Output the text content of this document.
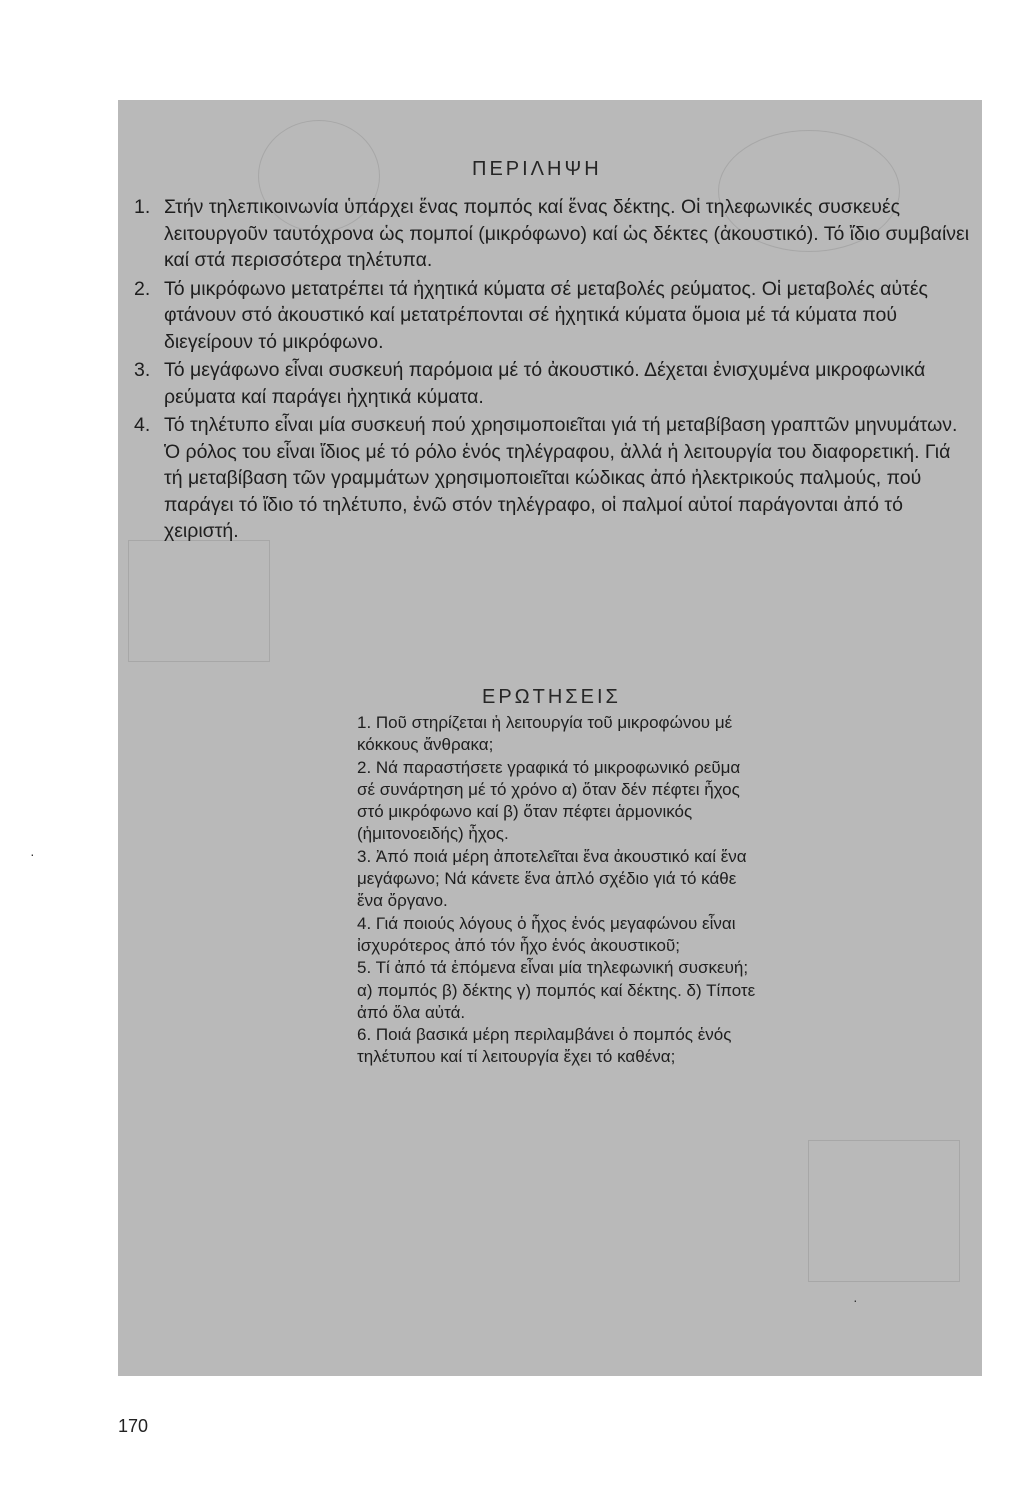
ΠΕΡΙΛΗΨΗ
1. Στήν τηλεπικοινωνία ὑπάρχει ἕνας πομπός καί ἕνας δέκτης. Οἱ τηλεφωνικές συσκευές λειτουργοῦν ταυτόχρονα ὡς πομποί (μικρόφωνο) καί ὡς δέκτες (ἀκουστικό). Τό ἴδιο συμβαίνει καί στά περισσότερα τηλέτυπα.
2. Τό μικρόφωνο μετατρέπει τά ἠχητικά κύματα σέ μεταβολές ρεύματος. Οἱ μεταβολές αὐτές φτάνουν στό ἀκουστικό καί μετατρέπονται σέ ἠχητικά κύματα ὅμοια μέ τά κύματα πού διεγείρουν τό μικρόφωνο.
3. Τό μεγάφωνο εἶναι συσκευή παρόμοια μέ τό ἀκουστικό. Δέχεται ἐνισχυμένα μικροφωνικά ρεύματα καί παράγει ἠχητικά κύματα.
4. Τό τηλέτυπο εἶναι μία συσκευή πού χρησιμοποιεῖται γιά τή μεταβίβαση γραπτῶν μηνυμάτων. Ὁ ρόλος του εἶναι ἴδιος μέ τό ρόλο ἑνός τηλέγραφου, ἀλλά ἡ λειτουργία του διαφορετική. Γιά τή μεταβίβαση τῶν γραμμάτων χρησιμοποιεῖται κώδικας ἀπό ἠλεκτρικούς παλμούς, πού παράγει τό ἴδιο τό τηλέτυπο, ἐνῶ στόν τηλέγραφο, οἱ παλμοί αὐτοί παράγονται ἀπό τό χειριστή.
ΕΡΩΤΗΣΕΙΣ
1. Ποῦ στηρίζεται ἡ λειτουργία τοῦ μικροφώνου μέ κόκκους ἄνθρακα;
2. Νά παραστήσετε γραφικά τό μικροφωνικό ρεῦμα σέ συνάρτηση μέ τό χρόνο α) ὅταν δέν πέφτει ἦχος στό μικρόφωνο καί β) ὅταν πέφτει ἁρμονικός (ἡμιτονοειδής) ἦχος.
3. Ἀπό ποιά μέρη ἀποτελεῖται ἕνα ἀκουστικό καί ἕνα μεγάφωνο; Νά κάνετε ἕνα ἁπλό σχέδιο γιά τό κάθε ἕνα ὄργανο.
4. Γιά ποιούς λόγους ὁ ἦχος ἑνός μεγαφώνου εἶναι ἰσχυρότερος ἀπό τόν ἦχο ἑνός ἀκουστικοῦ;
5. Τί ἀπό τά ἑπόμενα εἶναι μία τηλεφωνική συσκευή; α) πομπός β) δέκτης γ) πομπός καί δέκτης. δ) Τίποτε ἀπό ὅλα αὐτά.
6. Ποιά βασικά μέρη περιλαμβάνει ὁ πομπός ἑνός τηλέτυπου καί τί λειτουργία ἔχει τό καθένα;
·
·
170
